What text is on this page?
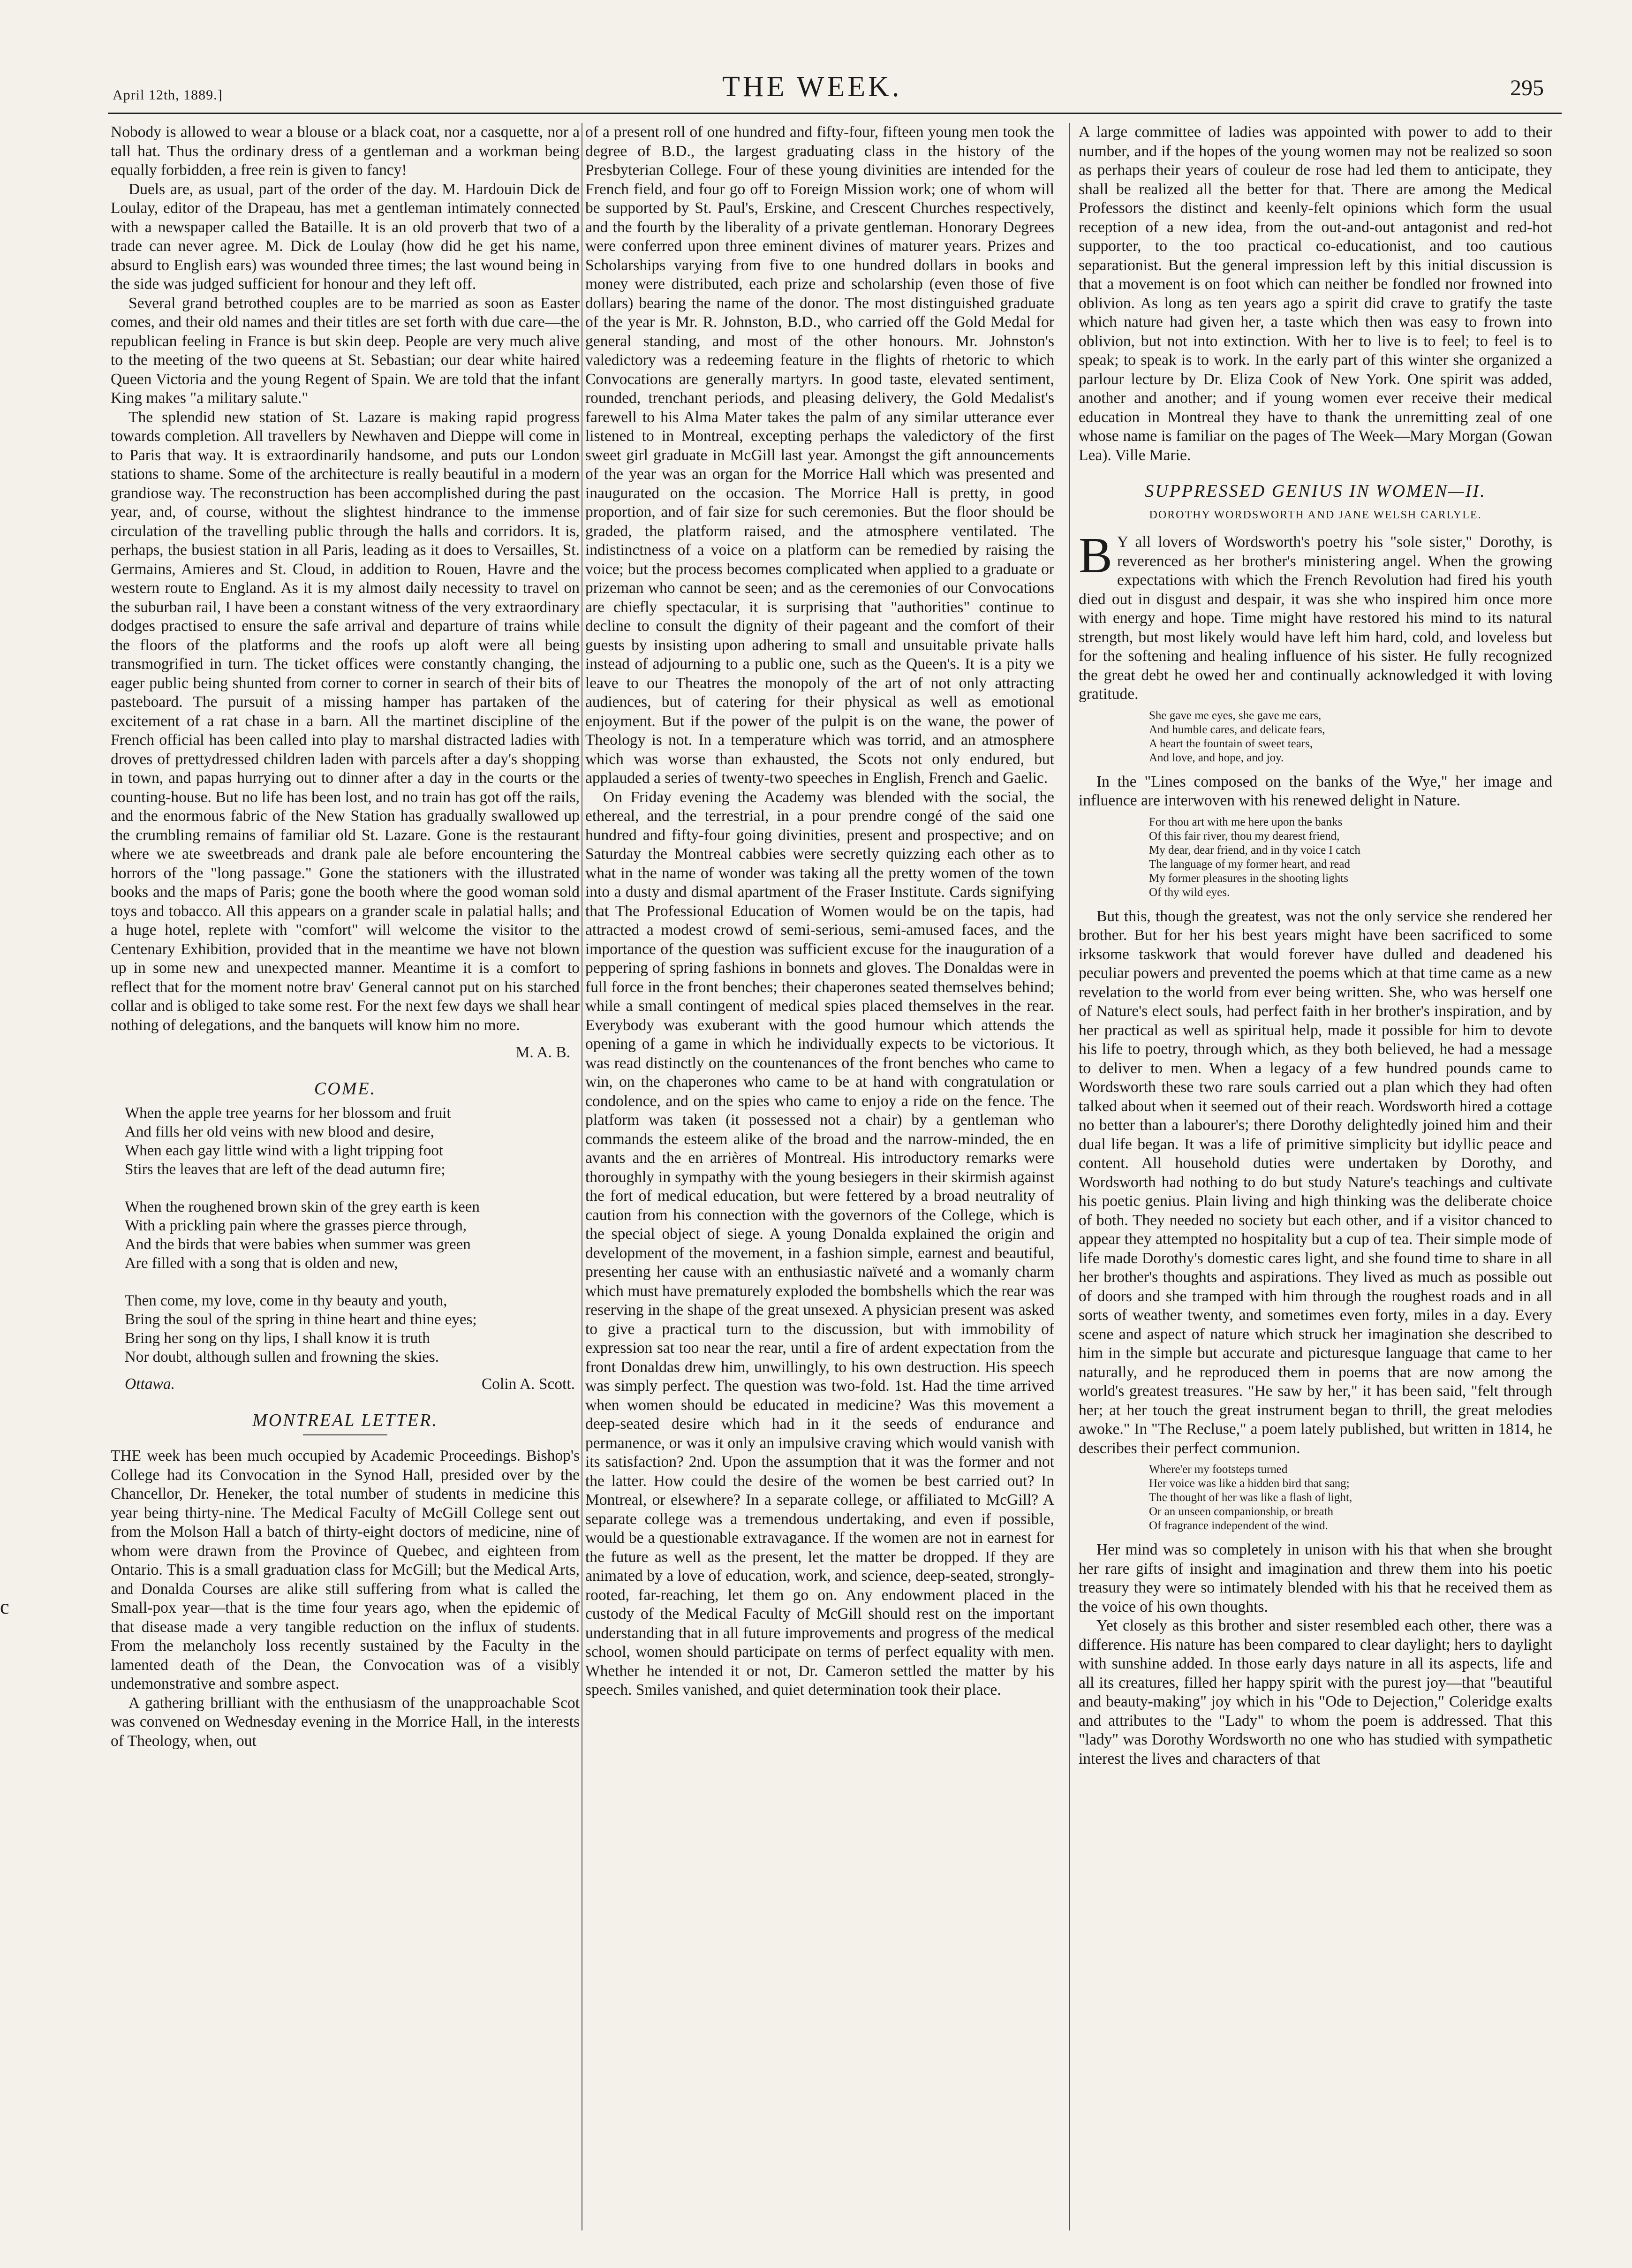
April 12th, 1889.]	THE WEEK.	295
c

Nobody is allowed to wear a blouse or a black coat, nor a casquette, nor a tall hat. Thus the ordinary dress of a gentleman and a workman being equally forbidden, a free rein is given to fancy!

Duels are, as usual, part of the order of the day. M. Hardouin Dick de Loulay, editor of the Drapeau, has met a gentleman intimately connected with a newspaper called the Bataille. It is an old proverb that two of a trade can never agree. M. Dick de Loulay (how did he get his name, absurd to English ears) was wounded three times; the last wound being in the side was judged sufficient for honour and they left off.

Several grand betrothed couples are to be married as soon as Easter comes, and their old names and their titles are set forth with due care—the republican feeling in France is but skin deep. People are very much alive to the meeting of the two queens at St. Sebastian; our dear white haired Queen Victoria and the young Regent of Spain. We are told that the infant King makes "a military salute."

The splendid new station of St. Lazare is making rapid progress towards completion. All travellers by Newhaven and Dieppe will come in to Paris that way. It is extraordinarily handsome, and puts our London stations to shame. Some of the architecture is really beautiful in a modern grandiose way. The reconstruction has been accomplished during the past year, and, of course, without the slightest hindrance to the immense circulation of the travelling public through the halls and corridors. It is, perhaps, the busiest station in all Paris, leading as it does to Versailles, St. Germains, Amieres and St. Cloud, in addition to Rouen, Havre and the western route to England. As it is my almost daily necessity to travel on the suburban rail, I have been a constant witness of the very extraordinary dodges practised to ensure the safe arrival and departure of trains while the floors of the platforms and the roofs up aloft were all being transmogrified in turn. The ticket offices were constantly changing, the eager public being shunted from corner to corner in search of their bits of pasteboard. The pursuit of a missing hamper has partaken of the excitement of a rat chase in a barn. All the martinet discipline of the French official has been called into play to marshal distracted ladies with droves of prettydressed children laden with parcels after a day's shopping in town, and papas hurrying out to dinner after a day in the courts or the counting-house. But no life has been lost, and no train has got off the rails, and the enormous fabric of the New Station has gradually swallowed up the crumbling remains of familiar old St. Lazare. Gone is the restaurant where we ate sweetbreads and drank pale ale before encountering the horrors of the "long passage." Gone the stationers with the illustrated books and the maps of Paris; gone the booth where the good woman sold toys and tobacco. All this appears on a grander scale in palatial halls; and a huge hotel, replete with "comfort" will welcome the visitor to the Centenary Exhibition, provided that in the meantime we have not blown up in some new and unexpected manner. Meantime it is a comfort to reflect that for the moment notre brav' General cannot put on his starched collar and is obliged to take some rest. For the next few days we shall hear nothing of delegations, and the banquets will know him no more.

M. A. B.
COME.
When the apple tree yearns for her blossom and fruit
And fills her old veins with new blood and desire,
When each gay little wind with a light tripping foot
Stirs the leaves that are left of the dead autumn fire;

When the roughened brown skin of the grey earth is keen
With a prickling pain where the grasses pierce through,
And the birds that were babies when summer was green
Are filled with a song that is olden and new,

Then come, my love, come in thy beauty and youth,
Bring the soul of the spring in thine heart and thine eyes;
Bring her song on thy lips, I shall know it is truth
Nor doubt, although sullen and frowning the skies.
Ottawa.	Colin A. Scott.
MONTREAL LETTER.

THE week has been much occupied by Academic Proceedings. Bishop's College had its Convocation in the Synod Hall, presided over by the Chancellor, Dr. Heneker, the total number of students in medicine this year being thirty-nine. The Medical Faculty of McGill College sent out from the Molson Hall a batch of thirty-eight doctors of medicine, nine of whom were drawn from the Province of Quebec, and eighteen from Ontario. This is a small graduation class for McGill; but the Medical Arts, and Donalda Courses are alike still suffering from what is called the Small-pox year—that is the time four years ago, when the epidemic of that disease made a very tangible reduction on the influx of students. From the melancholy loss recently sustained by the Faculty in the lamented death of the Dean, the Convocation was of a visibly undemonstrative and sombre aspect.

A gathering brilliant with the enthusiasm of the unapproachable Scot was convened on Wednesday evening in the Morrice Hall, in the interests of Theology, when, out

of a present roll of one hundred and fifty-four, fifteen young men took the degree of B.D., the largest graduating class in the history of the Presbyterian College. Four of these young divinities are intended for the French field, and four go off to Foreign Mission work; one of whom will be supported by St. Paul's, Erskine, and Crescent Churches respectively, and the fourth by the liberality of a private gentleman. Honorary Degrees were conferred upon three eminent divines of maturer years. Prizes and Scholarships varying from five to one hundred dollars in books and money were distributed, each prize and scholarship (even those of five dollars) bearing the name of the donor. The most distinguished graduate of the year is Mr. R. Johnston, B.D., who carried off the Gold Medal for general standing, and most of the other honours. Mr. Johnston's valedictory was a redeeming feature in the flights of rhetoric to which Convocations are generally martyrs. In good taste, elevated sentiment, rounded, trenchant periods, and pleasing delivery, the Gold Medalist's farewell to his Alma Mater takes the palm of any similar utterance ever listened to in Montreal, excepting perhaps the valedictory of the first sweet girl graduate in McGill last year. Amongst the gift announcements of the year was an organ for the Morrice Hall which was presented and inaugurated on the occasion. The Morrice Hall is pretty, in good proportion, and of fair size for such ceremonies. But the floor should be graded, the platform raised, and the atmosphere ventilated. The indistinctness of a voice on a platform can be remedied by raising the voice; but the process becomes complicated when applied to a graduate or prizeman who cannot be seen; and as the ceremonies of our Convocations are chiefly spectacular, it is surprising that "authorities" continue to decline to consult the dignity of their pageant and the comfort of their guests by insisting upon adhering to small and unsuitable private halls instead of adjourning to a public one, such as the Queen's. It is a pity we leave to our Theatres the monopoly of the art of not only attracting audiences, but of catering for their physical as well as emotional enjoyment. But if the power of the pulpit is on the wane, the power of Theology is not. In a temperature which was torrid, and an atmosphere which was worse than exhausted, the Scots not only endured, but applauded a series of twenty-two speeches in English, French and Gaelic.

On Friday evening the Academy was blended with the social, the ethereal, and the terrestrial, in a pour prendre congé of the said one hundred and fifty-four going divinities, present and prospective; and on Saturday the Montreal cabbies were secretly quizzing each other as to what in the name of wonder was taking all the pretty women of the town into a dusty and dismal apartment of the Fraser Institute. Cards signifying that The Professional Education of Women would be on the tapis, had attracted a modest crowd of semi-serious, semi-amused faces, and the importance of the question was sufficient excuse for the inauguration of a peppering of spring fashions in bonnets and gloves. The Donaldas were in full force in the front benches; their chaperones seated themselves behind; while a small contingent of medical spies placed themselves in the rear. Everybody was exuberant with the good humour which attends the opening of a game in which he individually expects to be victorious. It was read distinctly on the countenances of the front benches who came to win, on the chaperones who came to be at hand with congratulation or condolence, and on the spies who came to enjoy a ride on the fence. The platform was taken (it possessed not a chair) by a gentleman who commands the esteem alike of the broad and the narrow-minded, the en avants and the en arrières of Montreal. His introductory remarks were thoroughly in sympathy with the young besiegers in their skirmish against the fort of medical education, but were fettered by a broad neutrality of caution from his connection with the governors of the College, which is the special object of siege. A young Donalda explained the origin and development of the movement, in a fashion simple, earnest and beautiful, presenting her cause with an enthusiastic naïveté and a womanly charm which must have prematurely exploded the bombshells which the rear was reserving in the shape of the great unsexed. A physician present was asked to give a practical turn to the discussion, but with immobility of expression sat too near the rear, until a fire of ardent expectation from the front Donaldas drew him, unwillingly, to his own destruction. His speech was simply perfect. The question was two-fold. 1st. Had the time arrived when women should be educated in medicine? Was this movement a deep-seated desire which had in it the seeds of endurance and permanence, or was it only an impulsive craving which would vanish with its satisfaction? 2nd. Upon the assumption that it was the former and not the latter. How could the desire of the women be best carried out? In Montreal, or elsewhere? In a separate college, or affiliated to McGill? A separate college was a tremendous undertaking, and even if possible, would be a questionable extravagance. If the women are not in earnest for the future as well as the present, let the matter be dropped. If they are animated by a love of education, work, and science, deep-seated, strongly-rooted, far-reaching, let them go on. Any endowment placed in the custody of the Medical Faculty of McGill should rest on the important understanding that in all future improvements and progress of the medical school, women should participate on terms of perfect equality with men. Whether he intended it or not, Dr. Cameron settled the matter by his speech. Smiles vanished, and quiet determination took their place.

A large committee of ladies was appointed with power to add to their number, and if the hopes of the young women may not be realized so soon as perhaps their years of couleur de rose had led them to anticipate, they shall be realized all the better for that. There are among the Medical Professors the distinct and keenly-felt opinions which form the usual reception of a new idea, from the out-and-out antagonist and red-hot supporter, to the too practical co-educationist, and too cautious separationist. But the general impression left by this initial discussion is that a movement is on foot which can neither be fondled nor frowned into oblivion. As long as ten years ago a spirit did crave to gratify the taste which nature had given her, a taste which then was easy to frown into oblivion, but not into extinction. With her to live is to feel; to feel is to speak; to speak is to work. In the early part of this winter she organized a parlour lecture by Dr. Eliza Cook of New York. One spirit was added, another and another; and if young women ever receive their medical education in Montreal they have to thank the unremitting zeal of one whose name is familiar on the pages of The Week—Mary Morgan (Gowan Lea). Ville Marie.

SUPPRESSED GENIUS IN WOMEN—II.
DOROTHY WORDSWORTH AND JANE WELSH CARLYLE.

B Y all lovers of Wordsworth's poetry his "sole sister," Dorothy, is reverenced as her brother's ministering angel. When the growing expectations with which the French Revolution had fired his youth died out in disgust and despair, it was she who inspired him once more with energy and hope. Time might have restored his mind to its natural strength, but most likely would have left him hard, cold, and loveless but for the softening and healing influence of his sister. He fully recognized the great debt he owed her and continually acknowledged it with loving gratitude.

She gave me eyes, she gave me ears,
And humble cares, and delicate fears,
A heart the fountain of sweet tears,
And love, and hope, and joy.

In the "Lines composed on the banks of the Wye," her image and influence are interwoven with his renewed delight in Nature.

For thou art with me here upon the banks
Of this fair river, thou my dearest friend,
My dear, dear friend, and in thy voice I catch
The language of my former heart, and read
My former pleasures in the shooting lights
Of thy wild eyes.

But this, though the greatest, was not the only service she rendered her brother. But for her his best years might have been sacrificed to some irksome taskwork that would forever have dulled and deadened his peculiar powers and prevented the poems which at that time came as a new revelation to the world from ever being written. She, who was herself one of Nature's elect souls, had perfect faith in her brother's inspiration, and by her practical as well as spiritual help, made it possible for him to devote his life to poetry, through which, as they both believed, he had a message to deliver to men. When a legacy of a few hundred pounds came to Wordsworth these two rare souls carried out a plan which they had often talked about when it seemed out of their reach. Wordsworth hired a cottage no better than a labourer's; there Dorothy delightedly joined him and their dual life began. It was a life of primitive simplicity but idyllic peace and content. All household duties were undertaken by Dorothy, and Wordsworth had nothing to do but study Nature's teachings and cultivate his poetic genius. Plain living and high thinking was the deliberate choice of both. They needed no society but each other, and if a visitor chanced to appear they attempted no hospitality but a cup of tea. Their simple mode of life made Dorothy's domestic cares light, and she found time to share in all her brother's thoughts and aspirations. They lived as much as possible out of doors and she tramped with him through the roughest roads and in all sorts of weather twenty, and sometimes even forty, miles in a day. Every scene and aspect of nature which struck her imagination she described to him in the simple but accurate and picturesque language that came to her naturally, and he reproduced them in poems that are now among the world's greatest treasures. "He saw by her," it has been said, "felt through her; at her touch the great instrument began to thrill, the great melodies awoke." In "The Recluse," a poem lately published, but written in 1814, he describes their perfect communion.

Where'er my footsteps turned
Her voice was like a hidden bird that sang;
The thought of her was like a flash of light,
Or an unseen companionship, or breath
Of fragrance independent of the wind.

Her mind was so completely in unison with his that when she brought her rare gifts of insight and imagination and threw them into his poetic treasury they were so intimately blended with his that he received them as the voice of his own thoughts.

Yet closely as this brother and sister resembled each other, there was a difference. His nature has been compared to clear daylight; hers to daylight with sunshine added. In those early days nature in all its aspects, life and all its creatures, filled her happy spirit with the purest joy—that "beautiful and beauty-making" joy which in his "Ode to Dejection," Coleridge exalts and attributes to the "Lady" to whom the poem is addressed. That this "lady" was Dorothy Wordsworth no one who has studied with sympathetic interest the lives and characters of that
